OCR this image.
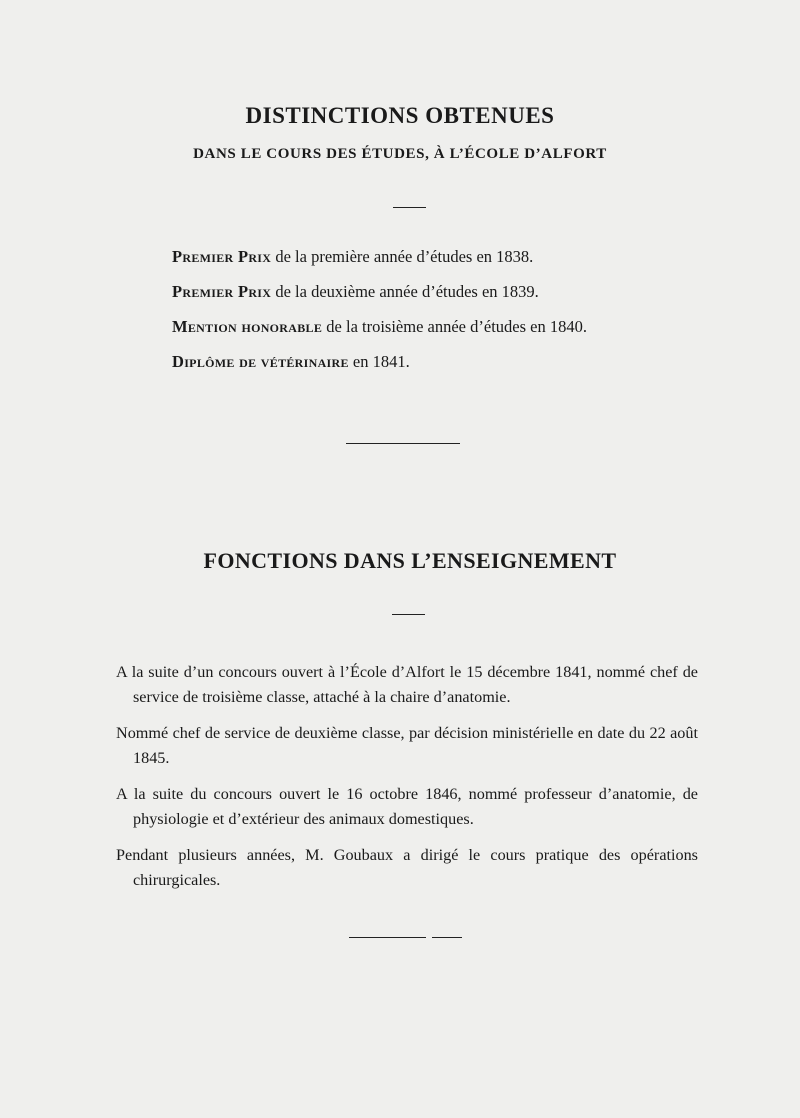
DISTINCTIONS OBTENUES
DANS LE COURS DES ÉTUDES, À L’ÉCOLE D’ALFORT
Premier Prix de la première année d’études en 1838.
Premier Prix de la deuxième année d’études en 1839.
Mention honorable de la troisième année d’études en 1840.
Diplôme de vétérinaire en 1841.
FONCTIONS DANS L’ENSEIGNEMENT
A la suite d’un concours ouvert à l’École d’Alfort le 15 décembre 1841, nommé chef de service de troisième classe, attaché à la chaire d’anatomie.
Nommé chef de service de deuxième classe, par décision ministérielle en date du 22 août 1845.
A la suite du concours ouvert le 16 octobre 1846, nommé professeur d’anatomie, de physiologie et d’extérieur des animaux domestiques.
Pendant plusieurs années, M. Goubaux a dirigé le cours pratique des opérations chirurgicales.
